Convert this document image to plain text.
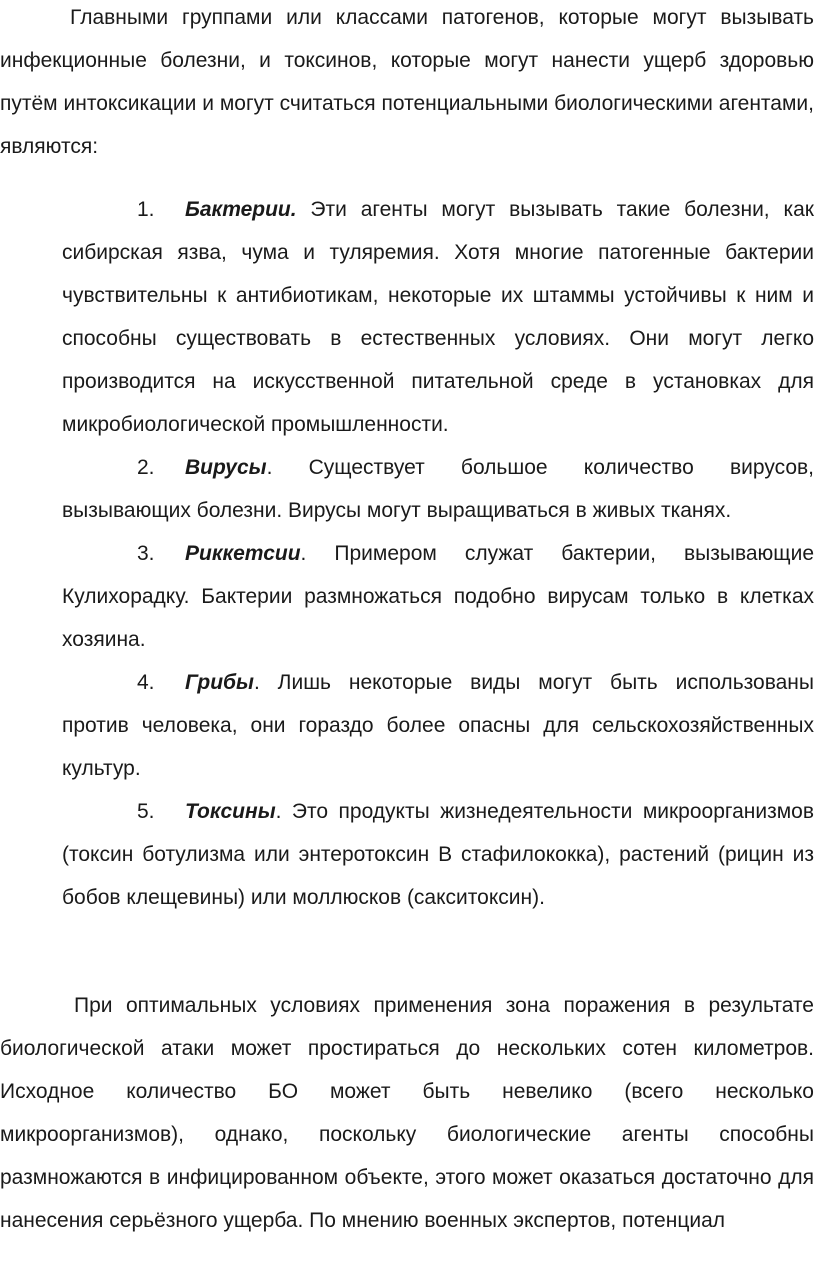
Главными группами или классами патогенов, которые могут вызывать инфекционные болезни, и токсинов, которые могут нанести ущерб здоровью путём интоксикации и могут считаться потенциальными биологическими агентами, являются:

1. Бактерии. Эти агенты могут вызывать такие болезни, как сибирская язва, чума и туляремия. Хотя многие патогенные бактерии чувствительны к антибиотикам, некоторые их штаммы устойчивы к ним и способны существовать в естественных условиях. Они могут легко производится на искусственной питательной среде в установках для микробиологической промышленности.

2. Вирусы. Существует большое количество вирусов, вызывающих болезни. Вирусы могут выращиваться в живых тканях.

3. Риккетсии. Примером служат бактерии, вызывающие Кулихорадку. Бактерии размножаться подобно вирусам только в клетках хозяина.

4. Грибы. Лишь некоторые виды могут быть использованы против человека, они гораздо более опасны для сельскохозяйственных культур.

5. Токсины. Это продукты жизнедеятельности микроорганизмов (токсин ботулизма или энтеротоксин В стафилококка), растений (рицин из бобов клещевины) или моллюсков (сакситоксин).

При оптимальных условиях применения зона поражения в результате биологической атаки может простираться до нескольких сотен километров. Исходное количество БО может быть невелико (всего несколько микроорганизмов), однако, поскольку биологические агенты способны размножаются в инфицированном объекте, этого может оказаться достаточно для нанесения серьёзного ущерба. По мнению военных экспертов, потенциал
